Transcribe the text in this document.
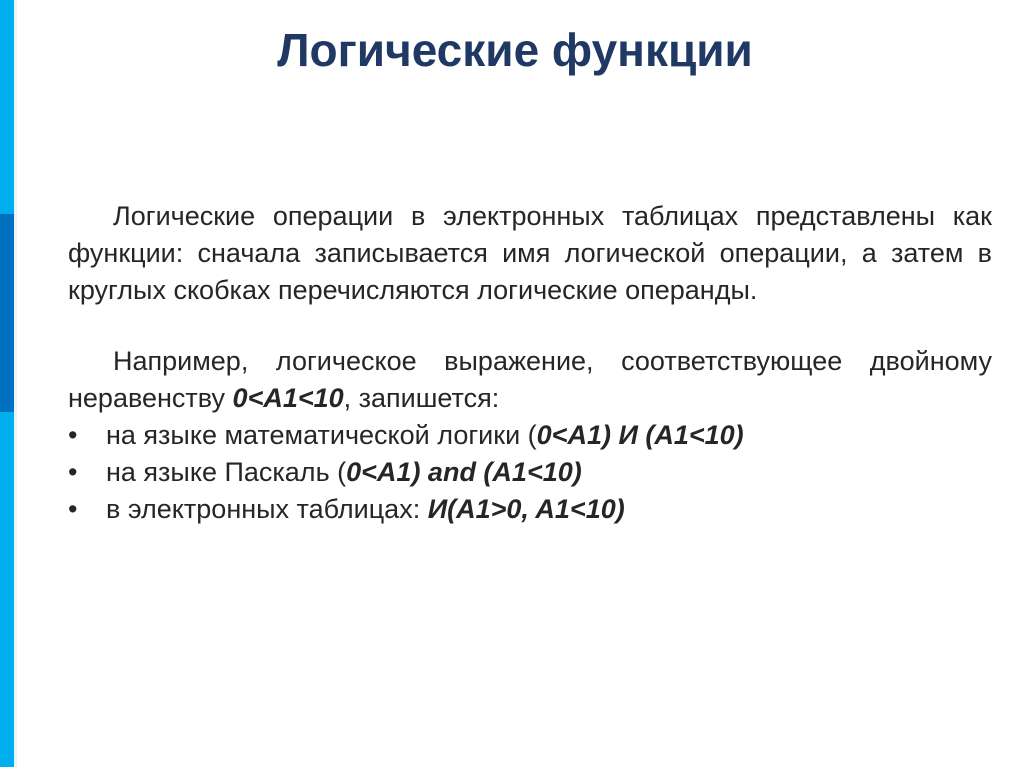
Логические функции

Логические операции в электронных таблицах представлены как функции: сначала записывается имя логической операции, а затем в круглых скобках перечисляются логические операнды.

Например, логическое выражение, соответствующее двойному неравенству 0<A1<10, запишется:

•	на языке математической логики (0<A1) И (A1<10)
•	на языке Паскаль (0<A1) and (A1<10)
•	в электронных таблицах: И(A1>0, A1<10)
